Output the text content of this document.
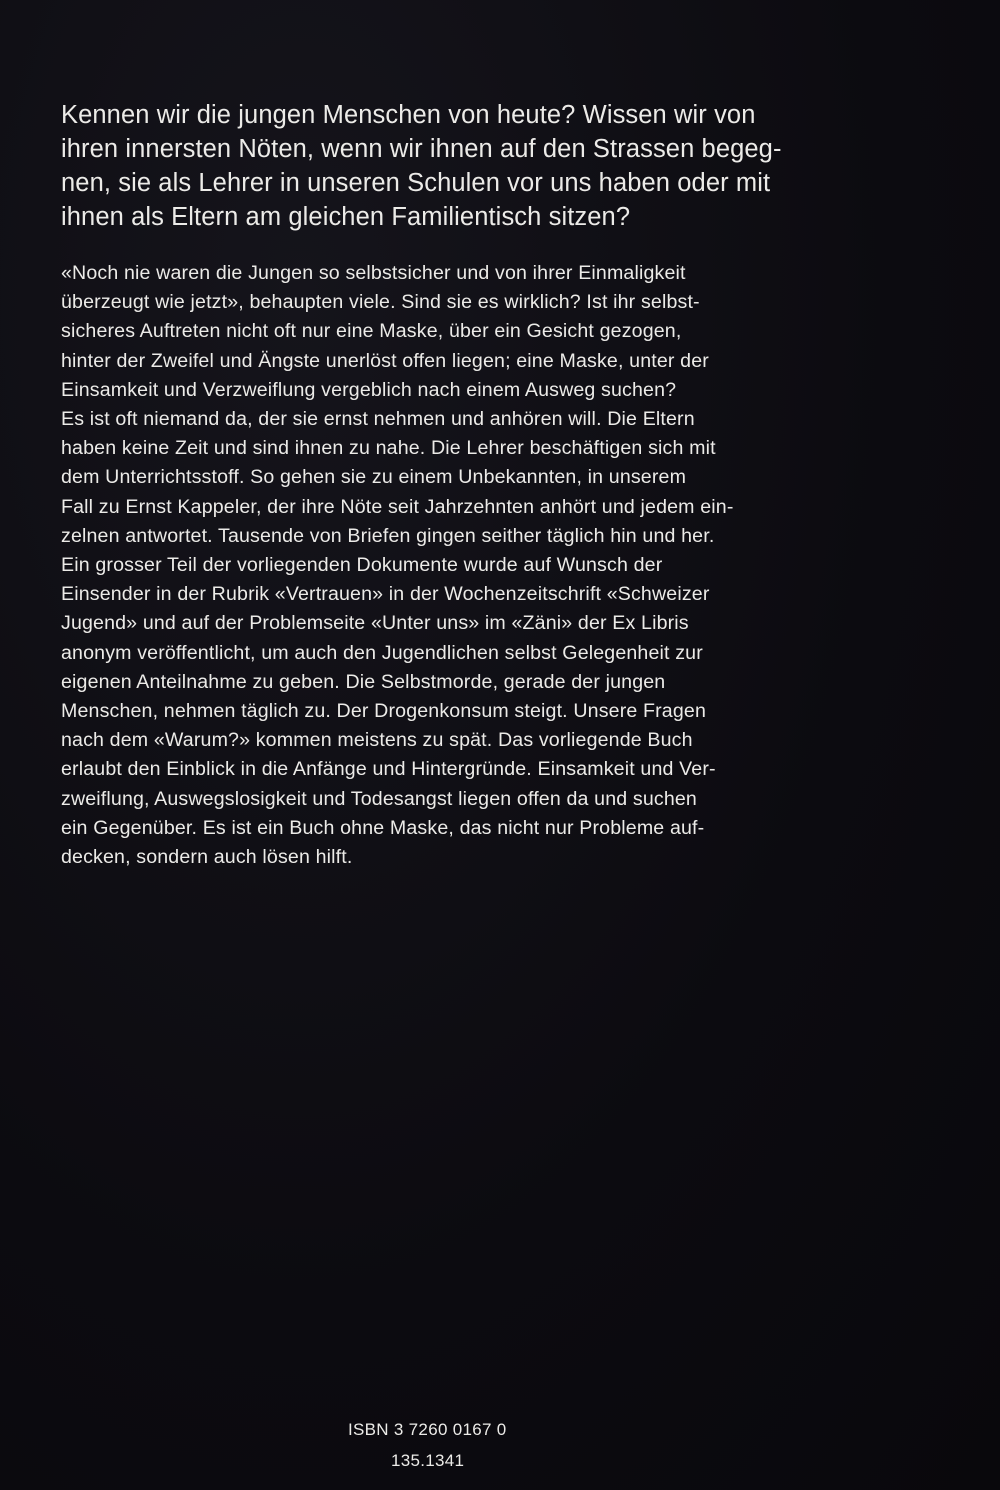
Kennen wir die jungen Menschen von heute? Wissen wir von
ihren innersten Nöten, wenn wir ihnen auf den Strassen begeg-
nen, sie als Lehrer in unseren Schulen vor uns haben oder mit
ihnen als Eltern am gleichen Familientisch sitzen?

«Noch nie waren die Jungen so selbstsicher und von ihrer Einmaligkeit
überzeugt wie jetzt», behaupten viele. Sind sie es wirklich? Ist ihr selbst-
sicheres Auftreten nicht oft nur eine Maske, über ein Gesicht gezogen,
hinter der Zweifel und Ängste unerlöst offen liegen; eine Maske, unter der
Einsamkeit und Verzweiflung vergeblich nach einem Ausweg suchen?
Es ist oft niemand da, der sie ernst nehmen und anhören will. Die Eltern
haben keine Zeit und sind ihnen zu nahe. Die Lehrer beschäftigen sich mit
dem Unterrichtsstoff. So gehen sie zu einem Unbekannten, in unserem
Fall zu Ernst Kappeler, der ihre Nöte seit Jahrzehnten anhört und jedem ein-
zelnen antwortet. Tausende von Briefen gingen seither täglich hin und her.
Ein grosser Teil der vorliegenden Dokumente wurde auf Wunsch der
Einsender in der Rubrik «Vertrauen» in der Wochenzeitschrift «Schweizer
Jugend» und auf der Problemseite «Unter uns» im «Zäni» der Ex Libris
anonym veröffentlicht, um auch den Jugendlichen selbst Gelegenheit zur
eigenen Anteilnahme zu geben. Die Selbstmorde, gerade der jungen
Menschen, nehmen täglich zu. Der Drogenkonsum steigt. Unsere Fragen
nach dem «Warum?» kommen meistens zu spät. Das vorliegende Buch
erlaubt den Einblick in die Anfänge und Hintergründe. Einsamkeit und Ver-
zweiflung, Auswegslosigkeit und Todesangst liegen offen da und suchen
ein Gegenüber. Es ist ein Buch ohne Maske, das nicht nur Probleme auf-
decken, sondern auch lösen hilft.

ISBN 3 7260 0167 0
135.1341
